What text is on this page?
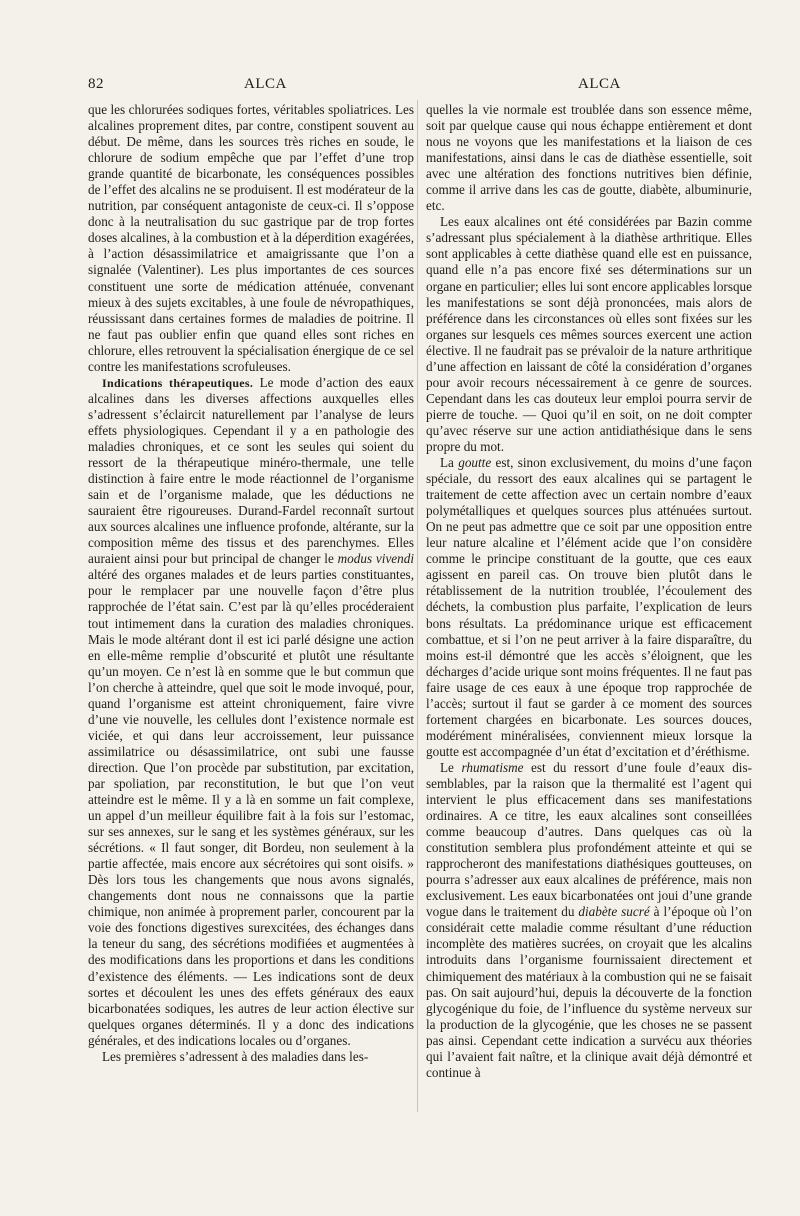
82	ALCA	ALCA

que les chlorurées sodiques fortes, véritables spoliatrices. Les alcalines proprement dites, par contre, constipent souvent au début. De même, dans les sources très riches en soude, le chlorure de sodium empêche que par l’effet d’une trop grande quantité de bicarbonate, les conséquences possibles de l’effet des alcalins ne se produisent. Il est modérateur de la nutrition, par conséquent antagoniste de ceux-ci. Il s’oppose donc à la neutralisation du suc gastrique par de trop fortes doses alcalines, à la combustion et à la déperdition exagérées, à l’action désassimilatrice et amaigrissante que l’on a signalée (Valentiner). Les plus importantes de ces sources constituent une sorte de médication atténuée, convenant mieux à des sujets excitables, à une foule de névropathiques, réussissant dans certaines formes de maladies de poitrine. Il ne faut pas oublier enfin que quand elles sont riches en chlorure, elles retrouvent la spécialisation énergique de ce sel contre les manifestations scrofuleuses.

Indications thérapeutiques. Le mode d’action des eaux alcalines dans les diverses affections auxquelles elles s’adressent s’éclaircit naturellement par l’analyse de leurs effets physiologiques. Cependant il y a en pathologie des maladies chroniques, et ce sont les seules qui soient du ressort de la thérapeutique minéro-thermale, une telle distinction à faire entre le mode réactionnel de l’organisme sain et de l’organisme malade, que les déductions ne sauraient être rigoureuses. Durand-Fardel reconnaît surtout aux sources alcalines une influence profonde, altérante, sur la composition même des tissus et des parenchymes. Elles auraient ainsi pour but principal de changer le modus vivendi altéré des organes malades et de leurs parties constituantes, pour le remplacer par une nouvelle façon d’être plus rapprochée de l’état sain. C’est par là qu’elles procéderaient tout intimement dans la curation des maladies chroniques. Mais le mode altérant dont il est ici parlé désigne une action en elle-même remplie d’obscurité et plutôt une résultante qu’un moyen. Ce n’est là en somme que le but commun que l’on cherche à atteindre, quel que soit le mode invoqué, pour, quand l’organisme est atteint chroniquement, faire vivre d’une vie nouvelle, les cellules dont l’existence normale est viciée, et qui dans leur accroissement, leur puissance assimilatrice ou désassimilatrice, ont subi une fausse direction. Que l’on procède par substitution, par excitation, par spoliation, par reconstitution, le but que l’on veut atteindre est le même. Il y a là en somme un fait complexe, un appel d’un meilleur équilibre fait à la fois sur l’estomac, sur ses annexes, sur le sang et les systèmes généraux, sur les sécrétions. « Il faut songer, dit Bordeu, non seulement à la partie affectée, mais encore aux sécrétoires qui sont oisifs. » Dès lors tous les changements que nous avons signalés, changements dont nous ne connaissons que la partie chimique, non animée à proprement parler, concourent par la voie des fonctions digestives surexcitées, des échanges dans la teneur du sang, des sécrétions modifiées et augmentées à des modifications dans les proportions et dans les conditions d’existence des éléments. — Les indications sont de deux sortes et découlent les unes des effets généraux des eaux bicarbonatées sodiques, les autres de leur action élective sur quelques organes déterminés. Il y a donc des indications générales, et des indications locales ou d’organes.

Les premières s’adressent à des maladies dans les-

quelles la vie normale est troublée dans son essence même, soit par quelque cause qui nous échappe entièrement et dont nous ne voyons que les manifestations et la liaison de ces manifestations, ainsi dans le cas de diathèse essentielle, soit avec une altération des fonctions nutritives bien définie, comme il arrive dans les cas de goutte, diabète, albuminurie, etc.

Les eaux alcalines ont été considérées par Bazin comme s’adressant plus spécialement à la diathèse arthritique. Elles sont applicables à cette diathèse quand elle est en puissance, quand elle n’a pas encore fixé ses déterminations sur un organe en particulier; elles lui sont encore applicables lorsque les manifestations se sont déjà prononcées, mais alors de préférence dans les circonstances où elles sont fixées sur les organes sur lesquels ces mêmes sources exercent une action élective. Il ne faudrait pas se prévaloir de la nature arthritique d’une affection en laissant de côté la considération d’organes pour avoir recours nécessairement à ce genre de sources. Cependant dans les cas douteux leur emploi pourra servir de pierre de touche. — Quoi qu’il en soit, on ne doit compter qu’avec réserve sur une action antidiathésique dans le sens propre du mot.

La goutte est, sinon exclusivement, du moins d’une façon spéciale, du ressort des eaux alcalines qui se partagent le traitement de cette affection avec un certain nombre d’eaux polymétalliques et quelques sources plus atténuées surtout. On ne peut pas admettre que ce soit par une opposition entre leur nature alcaline et l’élément acide que l’on considère comme le principe constituant de la goutte, que ces eaux agissent en pareil cas. On trouve bien plutôt dans le rétablissement de la nutrition troublée, l’écoulement des déchets, la combustion plus parfaite, l’explication de leurs bons résultats. La prédominance urique est efficacement combattue, et si l’on ne peut arriver à la faire disparaître, du moins est-il démontré que les accès s’éloignent, que les décharges d’acide urique sont moins fréquentes. Il ne faut pas faire usage de ces eaux à une époque trop rapprochée de l’accès; surtout il faut se garder à ce moment des sources fortement chargées en bicarbonate. Les sources douces, modérément minéralisées, conviennent mieux lorsque la goutte est accompagnée d’un état d’excitation et d’éréthisme.

Le rhumatisme est du ressort d’une foule d’eaux dissemblables, par la raison que la thermalité est l’agent qui intervient le plus efficacement dans ses manifestations ordinaires. A ce titre, les eaux alcalines sont conseillées comme beaucoup d’autres. Dans quelques cas où la constitution semblera plus profondément atteinte et qui se rapprocheront des manifestations diathésiques goutteuses, on pourra s’adresser aux eaux alcalines de préférence, mais non exclusivement. Les eaux bicarbonatées ont joui d’une grande vogue dans le traitement du diabète sucré à l’époque où l’on considérait cette maladie comme résultant d’une réduction incomplète des matières sucrées, on croyait que les alcalins introduits dans l’organisme fournissaient directement et chimiquement des matériaux à la combustion qui ne se faisait pas. On sait aujourd’hui, depuis la découverte de la fonction glycogénique du foie, de l’influence du système nerveux sur la production de la glycogénie, que les choses ne se passent pas ainsi. Cependant cette indication a survécu aux théories qui l’avaient fait naître, et la clinique avait déjà démontré et continue à
